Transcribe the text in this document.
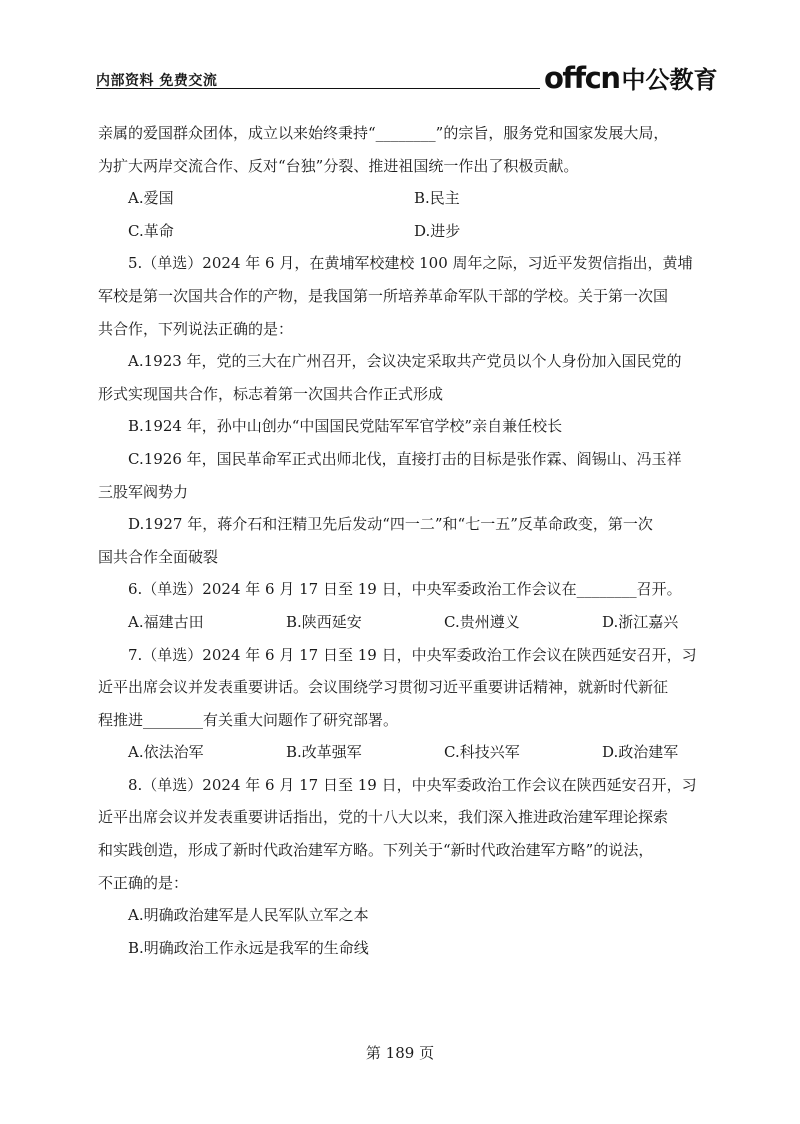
内部资料 免费交流	offcn 中公教育

亲属的爱国群众团体，成立以来始终秉持“________”的宗旨，服务党和国家发展大局，

为扩大两岸交流合作、反对“台独”分裂、推进祖国统一作出了积极贡献。

A.爱国	B.民主
C.革命	D.进步

5.（单选）2024 年 6 月，在黄埔军校建校 100 周年之际，习近平发贺信指出，黄埔

军校是第一次国共合作的产物，是我国第一所培养革命军队干部的学校。关于第一次国

共合作，下列说法正确的是：

A.1923 年，党的三大在广州召开，会议决定采取共产党员以个人身份加入国民党的

形式实现国共合作，标志着第一次国共合作正式形成

B.1924 年，孙中山创办“中国国民党陆军军官学校”亲自兼任校长

C.1926 年，国民革命军正式出师北伐，直接打击的目标是张作霖、阎锡山、冯玉祥

三股军阀势力

D.1927 年，蒋介石和汪精卫先后发动“四一二”和“七一五”反革命政变，第一次

国共合作全面破裂

6.（单选）2024 年 6 月 17 日至 19 日，中央军委政治工作会议在________召开。

A.福建古田	B.陕西延安	C.贵州遵义	D.浙江嘉兴

7.（单选）2024 年 6 月 17 日至 19 日，中央军委政治工作会议在陕西延安召开，习

近平出席会议并发表重要讲话。会议围绕学习贯彻习近平重要讲话精神，就新时代新征

程推进________有关重大问题作了研究部署。

A.依法治军	B.改革强军	C.科技兴军	D.政治建军

8.（单选）2024 年 6 月 17 日至 19 日，中央军委政治工作会议在陕西延安召开，习

近平出席会议并发表重要讲话指出，党的十八大以来，我们深入推进政治建军理论探索

和实践创造，形成了新时代政治建军方略。下列关于“新时代政治建军方略”的说法，

不正确的是：

A.明确政治建军是人民军队立军之本

B.明确政治工作永远是我军的生命线

第 189 页
